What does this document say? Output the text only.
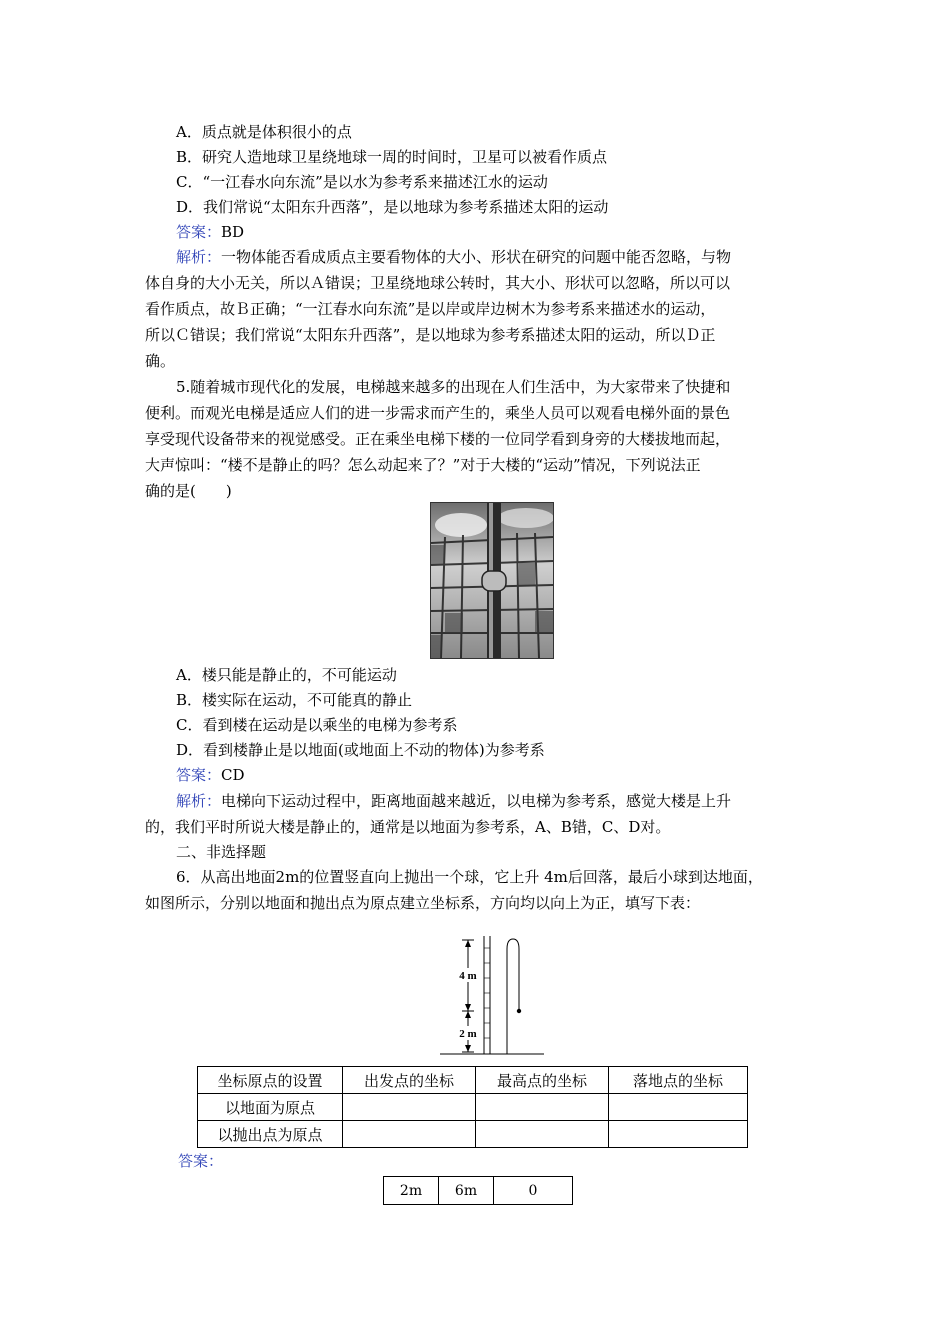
A．质点就是体积很小的点
B．研究人造地球卫星绕地球一周的时间时，卫星可以被看作质点
C．“一江春水向东流”是以水为参考系来描述江水的运动
D．我们常说“太阳东升西落”，是以地球为参考系描述太阳的运动
答案：BD
解析：一物体能否看成质点主要看物体的大小、形状在研究的问题中能否忽略，与物
体自身的大小无关，所以Ａ错误；卫星绕地球公转时，其大小、形状可以忽略，所以可以
看作质点，故Ｂ正确；“一江春水向东流”是以岸或岸边树木为参考系来描述水的运动，
所以Ｃ错误；我们常说“太阳东升西落”，是以地球为参考系描述太阳的运动，所以Ｄ正
确。
5.随着城市现代化的发展，电梯越来越多的出现在人们生活中，为大家带来了快捷和
便利。而观光电梯是适应人们的进一步需求而产生的，乘坐人员可以观看电梯外面的景色
享受现代设备带来的视觉感受。正在乘坐电梯下楼的一位同学看到身旁的大楼拔地而起，
大声惊叫：“楼不是静止的吗？怎么动起来了？”对于大楼的“运动”情况，下列说法正
确的是(　　)
A．楼只能是静止的，不可能运动
B．楼实际在运动，不可能真的静止
C．看到楼在运动是以乘坐的电梯为参考系
D．看到楼静止是以地面(或地面上不动的物体)为参考系
答案：CD
解析：电梯向下运动过程中，距离地面越来越近，以电梯为参考系，感觉大楼是上升
的，我们平时所说大楼是静止的，通常是以地面为参考系，A、B错，C、D对。
二、非选择题
6．从高出地面2m的位置竖直向上抛出一个球，它上升 4m后回落，最后小球到达地面，
如图所示，分别以地面和抛出点为原点建立坐标系，方向均以向上为正，填写下表：
4 m
2 m
坐标原点的设置	出发点的坐标	最高点的坐标	落地点的坐标
以地面为原点			
以抛出点为原点			
答案：
2m	6m	0
